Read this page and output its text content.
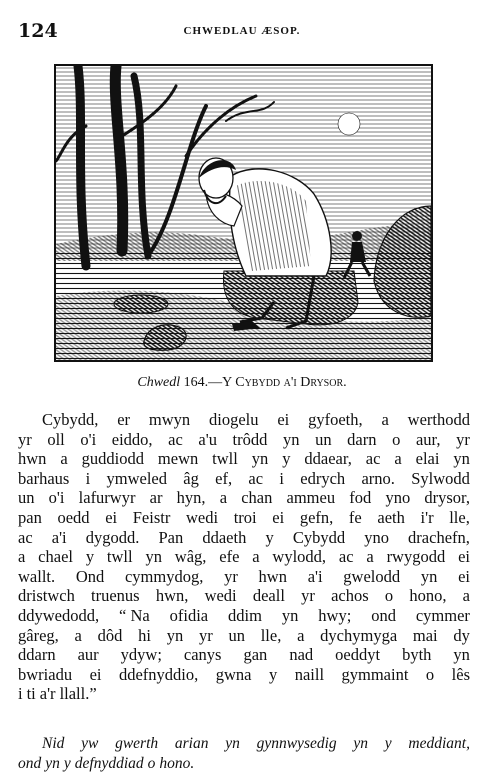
124	CHWEDLAU ÆSOP.
Chwedl 164.—Y Cybydd a'i Drysor.
Cybydd, er mwyn diogelu ei gyfoeth, a werthodd
yr oll o'i eiddo, ac a'u trôdd yn un darn o aur, yr
hwn a guddiodd mewn twll yn y ddaear, ac a elai yn
barhaus i ymweled âg ef, ac i edrych arno. Sylwodd
un o'i lafurwyr ar hyn, a chan ammeu fod yno drysor,
pan oedd ei Feistr wedi troi ei gefn, fe aeth i'r lle,
ac a'i dygodd. Pan ddaeth y Cybydd yno drachefn,
a chael y twll yn wâg, efe a wylodd, ac a rwygodd ei
wallt. Ond cymmydog, yr hwn a'i gwelodd yn ei
dristwch truenus hwn, wedi deall yr achos o hono, a
ddywedodd, “ Na ofidia ddim yn hwy; ond cymmer
gâreg, a dôd hi yn yr un lle, a dychymyga mai dy
ddarn aur ydyw; canys gan nad oeddyt byth yn
bwriadu ei ddefnyddio, gwna y naill gymmaint o lês
i ti a'r llall.”
Nid yw gwerth arian yn gynnwysedig yn y meddiant,
ond yn y defnyddiad o hono.
